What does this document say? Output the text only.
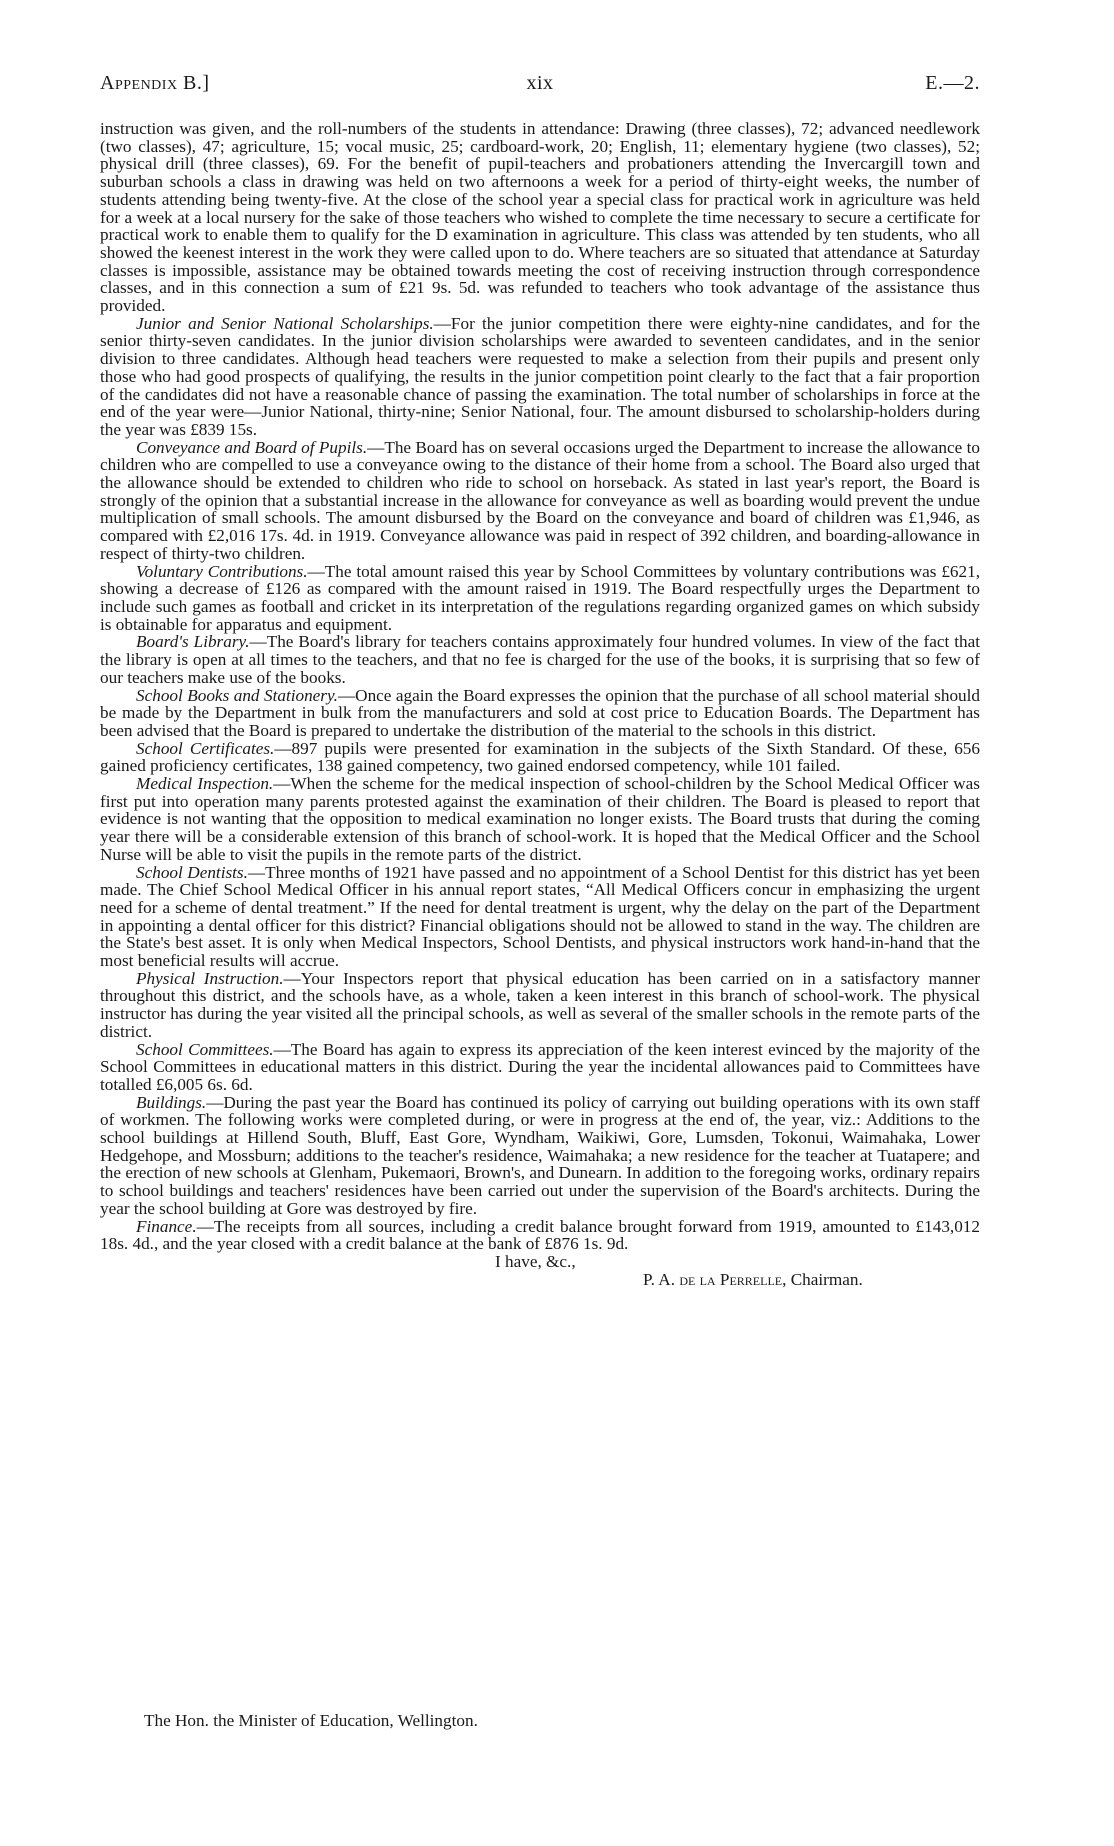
Appendix B.]	xix	E.—2.

instruction was given, and the roll-numbers of the students in attendance: Drawing (three classes), 72; advanced needlework (two classes), 47; agriculture, 15; vocal music, 25; cardboard-work, 20; English, 11; elementary hygiene (two classes), 52; physical drill (three classes), 69. For the benefit of pupil-teachers and probationers attending the Invercargill town and suburban schools a class in drawing was held on two afternoons a week for a period of thirty-eight weeks, the number of students attending being twenty-five. At the close of the school year a special class for practical work in agriculture was held for a week at a local nursery for the sake of those teachers who wished to complete the time necessary to secure a certificate for practical work to enable them to qualify for the D examination in agriculture. This class was attended by ten students, who all showed the keenest interest in the work they were called upon to do. Where teachers are so situated that attendance at Saturday classes is impossible, assistance may be obtained towards meeting the cost of receiving instruction through correspondence classes, and in this connection a sum of £21 9s. 5d. was refunded to teachers who took advantage of the assistance thus provided.

Junior and Senior National Scholarships.—For the junior competition there were eighty-nine candidates, and for the senior thirty-seven candidates. In the junior division scholarships were awarded to seventeen candidates, and in the senior division to three candidates. Although head teachers were requested to make a selection from their pupils and present only those who had good prospects of qualifying, the results in the junior competition point clearly to the fact that a fair proportion of the candidates did not have a reasonable chance of passing the examination. The total number of scholarships in force at the end of the year were—Junior National, thirty-nine; Senior National, four. The amount disbursed to scholarship-holders during the year was £839 15s.

Conveyance and Board of Pupils.—The Board has on several occasions urged the Department to increase the allowance to children who are compelled to use a conveyance owing to the distance of their home from a school. The Board also urged that the allowance should be extended to children who ride to school on horseback. As stated in last year's report, the Board is strongly of the opinion that a substantial increase in the allowance for conveyance as well as boarding would prevent the undue multiplication of small schools. The amount disbursed by the Board on the conveyance and board of children was £1,946, as compared with £2,016 17s. 4d. in 1919. Conveyance allowance was paid in respect of 392 children, and boarding-allowance in respect of thirty-two children.

Voluntary Contributions.—The total amount raised this year by School Committees by voluntary contributions was £621, showing a decrease of £126 as compared with the amount raised in 1919. The Board respectfully urges the Department to include such games as football and cricket in its interpretation of the regulations regarding organized games on which subsidy is obtainable for apparatus and equipment.

Board's Library.—The Board's library for teachers contains approximately four hundred volumes. In view of the fact that the library is open at all times to the teachers, and that no fee is charged for the use of the books, it is surprising that so few of our teachers make use of the books.

School Books and Stationery.—Once again the Board expresses the opinion that the purchase of all school material should be made by the Department in bulk from the manufacturers and sold at cost price to Education Boards. The Department has been advised that the Board is prepared to undertake the distribution of the material to the schools in this district.

School Certificates.—897 pupils were presented for examination in the subjects of the Sixth Standard. Of these, 656 gained proficiency certificates, 138 gained competency, two gained endorsed competency, while 101 failed.

Medical Inspection.—When the scheme for the medical inspection of school-children by the School Medical Officer was first put into operation many parents protested against the examination of their children. The Board is pleased to report that evidence is not wanting that the opposition to medical examination no longer exists. The Board trusts that during the coming year there will be a considerable extension of this branch of school-work. It is hoped that the Medical Officer and the School Nurse will be able to visit the pupils in the remote parts of the district.

School Dentists.—Three months of 1921 have passed and no appointment of a School Dentist for this district has yet been made. The Chief School Medical Officer in his annual report states, “All Medical Officers concur in emphasizing the urgent need for a scheme of dental treatment.” If the need for dental treatment is urgent, why the delay on the part of the Department in appointing a dental officer for this district? Financial obligations should not be allowed to stand in the way. The children are the State's best asset. It is only when Medical Inspectors, School Dentists, and physical instructors work hand-in-hand that the most beneficial results will accrue.

Physical Instruction.—Your Inspectors report that physical education has been carried on in a satisfactory manner throughout this district, and the schools have, as a whole, taken a keen interest in this branch of school-work. The physical instructor has during the year visited all the principal schools, as well as several of the smaller schools in the remote parts of the district.

School Committees.—The Board has again to express its appreciation of the keen interest evinced by the majority of the School Committees in educational matters in this district. During the year the incidental allowances paid to Committees have totalled £6,005 6s. 6d.

Buildings.—During the past year the Board has continued its policy of carrying out building operations with its own staff of workmen. The following works were completed during, or were in progress at the end of, the year, viz.: Additions to the school buildings at Hillend South, Bluff, East Gore, Wyndham, Waikiwi, Gore, Lumsden, Tokonui, Waimahaka, Lower Hedgehope, and Mossburn; additions to the teacher's residence, Waimahaka; a new residence for the teacher at Tuatapere; and the erection of new schools at Glenham, Pukemaori, Brown's, and Dunearn. In addition to the foregoing works, ordinary repairs to school buildings and teachers' residences have been carried out under the supervision of the Board's architects. During the year the school building at Gore was destroyed by fire.

Finance.—The receipts from all sources, including a credit balance brought forward from 1919, amounted to £143,012 18s. 4d., and the year closed with a credit balance at the bank of £876 1s. 9d.

I have, &c.,
P. A. de la Perrelle, Chairman.
The Hon. the Minister of Education, Wellington.
